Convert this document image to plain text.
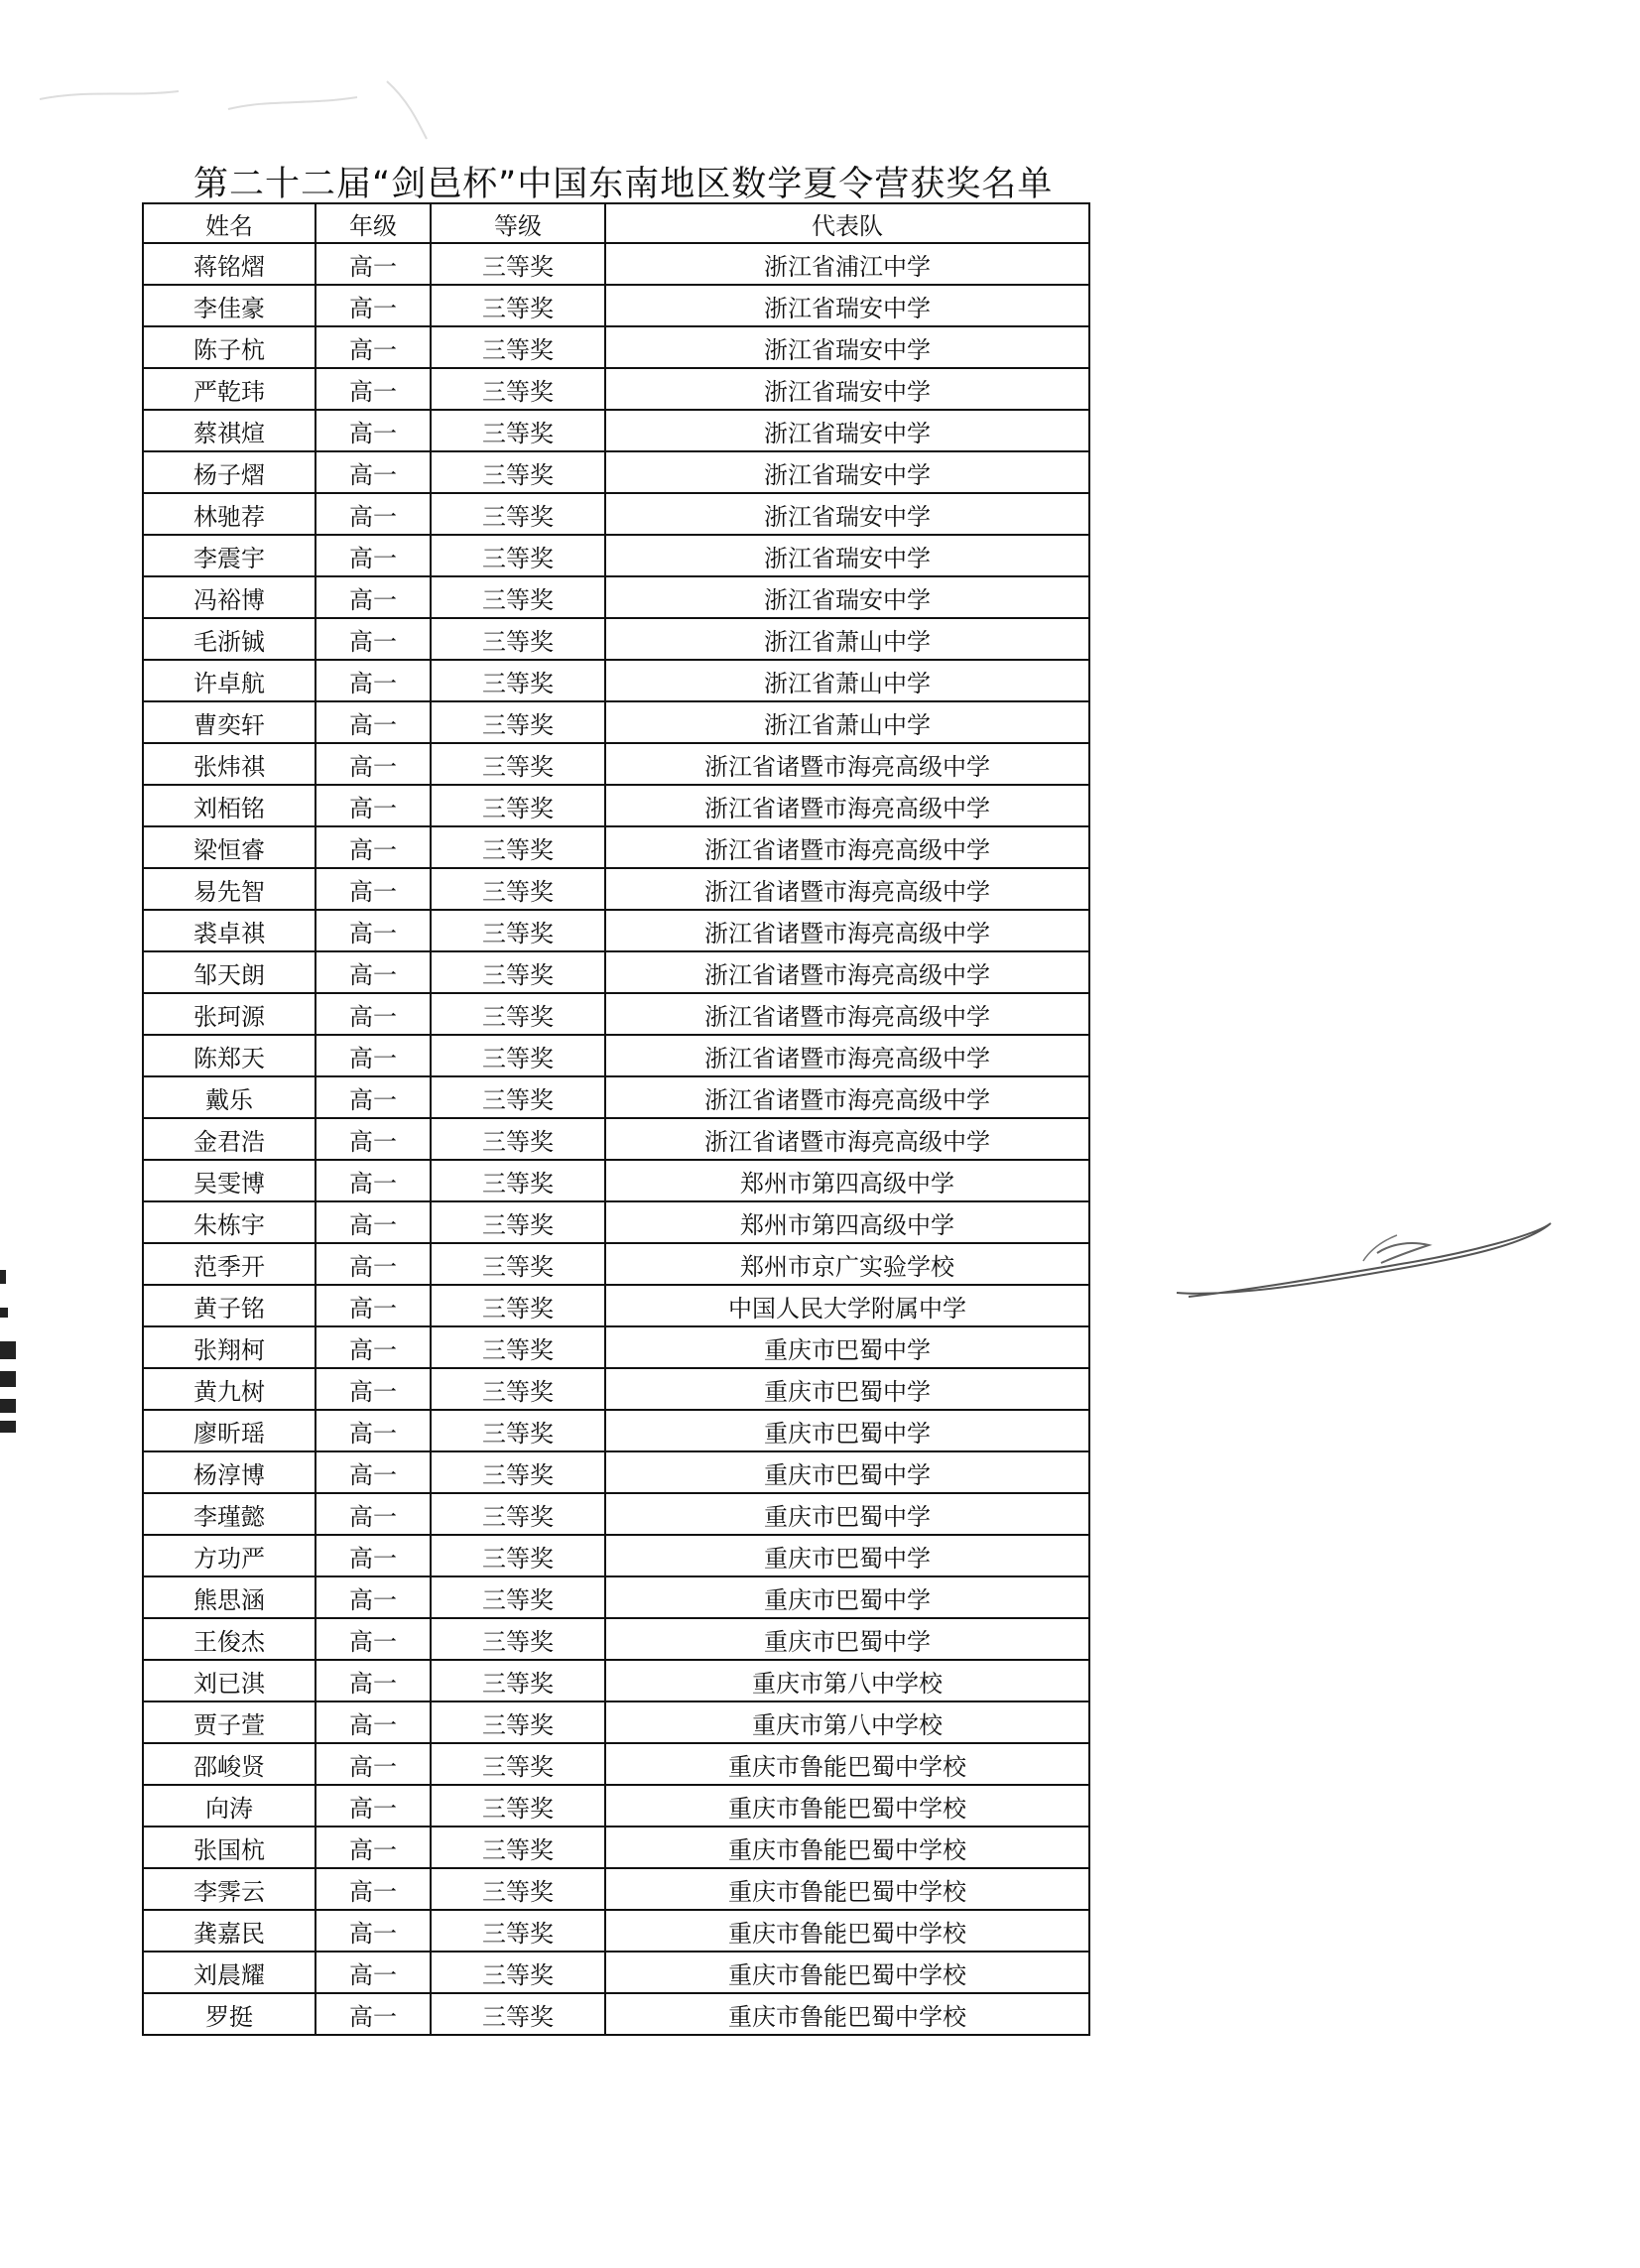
第二十二届“剑邑杯”中国东南地区数学夏令营获奖名单
姓名	年级	等级	代表队
蒋铭熠	高一	三等奖	浙江省浦江中学
李佳豪	高一	三等奖	浙江省瑞安中学
陈子杭	高一	三等奖	浙江省瑞安中学
严乾玮	高一	三等奖	浙江省瑞安中学
蔡祺煊	高一	三等奖	浙江省瑞安中学
杨子熠	高一	三等奖	浙江省瑞安中学
林驰荐	高一	三等奖	浙江省瑞安中学
李震宇	高一	三等奖	浙江省瑞安中学
冯裕博	高一	三等奖	浙江省瑞安中学
毛浙铖	高一	三等奖	浙江省萧山中学
许卓航	高一	三等奖	浙江省萧山中学
曹奕轩	高一	三等奖	浙江省萧山中学
张炜祺	高一	三等奖	浙江省诸暨市海亮高级中学
刘栢铭	高一	三等奖	浙江省诸暨市海亮高级中学
梁恒睿	高一	三等奖	浙江省诸暨市海亮高级中学
易先智	高一	三等奖	浙江省诸暨市海亮高级中学
裘卓祺	高一	三等奖	浙江省诸暨市海亮高级中学
邹天朗	高一	三等奖	浙江省诸暨市海亮高级中学
张珂源	高一	三等奖	浙江省诸暨市海亮高级中学
陈郑天	高一	三等奖	浙江省诸暨市海亮高级中学
戴乐	高一	三等奖	浙江省诸暨市海亮高级中学
金君浩	高一	三等奖	浙江省诸暨市海亮高级中学
吴雯博	高一	三等奖	郑州市第四高级中学
朱栋宇	高一	三等奖	郑州市第四高级中学
范季开	高一	三等奖	郑州市京广实验学校
黄子铭	高一	三等奖	中国人民大学附属中学
张翔柯	高一	三等奖	重庆市巴蜀中学
黄九树	高一	三等奖	重庆市巴蜀中学
廖昕瑶	高一	三等奖	重庆市巴蜀中学
杨淳博	高一	三等奖	重庆市巴蜀中学
李瑾懿	高一	三等奖	重庆市巴蜀中学
方功严	高一	三等奖	重庆市巴蜀中学
熊思涵	高一	三等奖	重庆市巴蜀中学
王俊杰	高一	三等奖	重庆市巴蜀中学
刘已淇	高一	三等奖	重庆市第八中学校
贾子萱	高一	三等奖	重庆市第八中学校
邵峻贤	高一	三等奖	重庆市鲁能巴蜀中学校
向涛	高一	三等奖	重庆市鲁能巴蜀中学校
张国杭	高一	三等奖	重庆市鲁能巴蜀中学校
李霁云	高一	三等奖	重庆市鲁能巴蜀中学校
龚嘉民	高一	三等奖	重庆市鲁能巴蜀中学校
刘晨耀	高一	三等奖	重庆市鲁能巴蜀中学校
罗挺	高一	三等奖	重庆市鲁能巴蜀中学校
